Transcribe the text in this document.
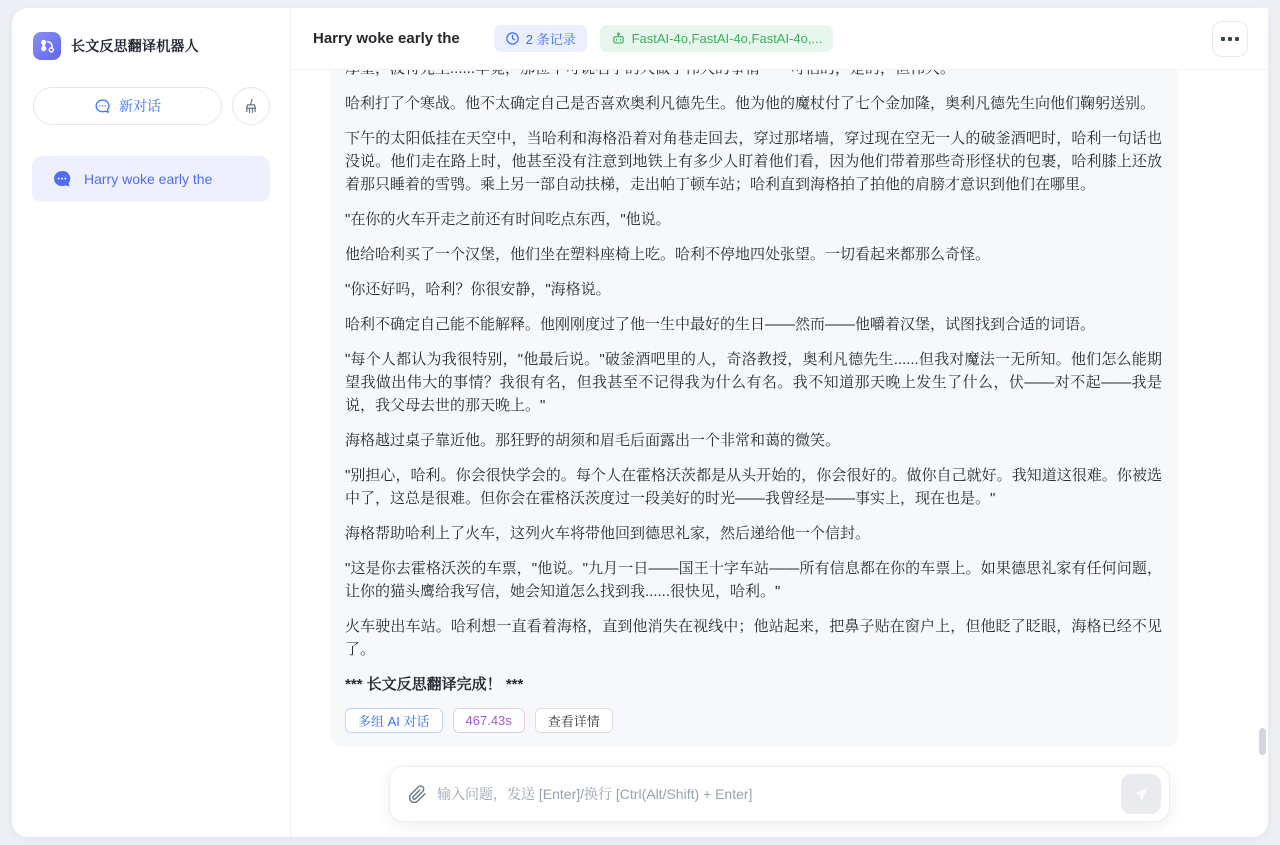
长文反思翻译机器人
新对话
Harry woke early the
Harry woke early the	2 条记录	FastAI-4o,FastAI-4o,FastAI-4o,...

哈利打了个寒战。他不太确定自己是否喜欢奥利凡德先生。他为他的魔杖付了七个金加隆，奥利凡德先生向他们鞠躬送别。

下午的太阳低挂在天空中，当哈利和海格沿着对角巷走回去，穿过那堵墙，穿过现在空无一人的破釜酒吧时，哈利一句话也没说。他们走在路上时，他甚至没有注意到地铁上有多少人盯着他们看，因为他们带着那些奇形怪状的包裹，哈利膝上还放着那只睡着的雪鸮。乘上另一部自动扶梯，走出帕丁顿车站；哈利直到海格拍了拍他的肩膀才意识到他们在哪里。

"在你的火车开走之前还有时间吃点东西，"他说。

他给哈利买了一个汉堡，他们坐在塑料座椅上吃。哈利不停地四处张望。一切看起来都那么奇怪。

"你还好吗，哈利？你很安静，"海格说。

哈利不确定自己能不能解释。他刚刚度过了他一生中最好的生日——然而——他嚼着汉堡，试图找到合适的词语。

"每个人都认为我很特别，"他最后说。"破釜酒吧里的人，奇洛教授，奥利凡德先生......但我对魔法一无所知。他们怎么能期望我做出伟大的事情？我很有名，但我甚至不记得我为什么有名。我不知道那天晚上发生了什么，伏——对不起——我是说，我父母去世的那天晚上。"

海格越过桌子靠近他。那狂野的胡须和眉毛后面露出一个非常和蔼的微笑。

"别担心，哈利。你会很快学会的。每个人在霍格沃茨都是从头开始的，你会很好的。做你自己就好。我知道这很难。你被选中了，这总是很难。但你会在霍格沃茨度过一段美好的时光——我曾经是——事实上，现在也是。"

海格帮助哈利上了火车，这列火车将带他回到德思礼家，然后递给他一个信封。

"这是你去霍格沃茨的车票，"他说。"九月一日——国王十字车站——所有信息都在你的车票上。如果德思礼家有任何问题，让你的猫头鹰给我写信，她会知道怎么找到我......很快见，哈利。"

火车驶出车站。哈利想一直看着海格，直到他消失在视线中；他站起来，把鼻子贴在窗户上，但他眨了眨眼，海格已经不见了。

*** 长文反思翻译完成！ ***

多组 AI 对话	467.43s	查看详情
输入问题，发送 [Enter]/换行 [Ctrl(Alt/Shift) + Enter]
